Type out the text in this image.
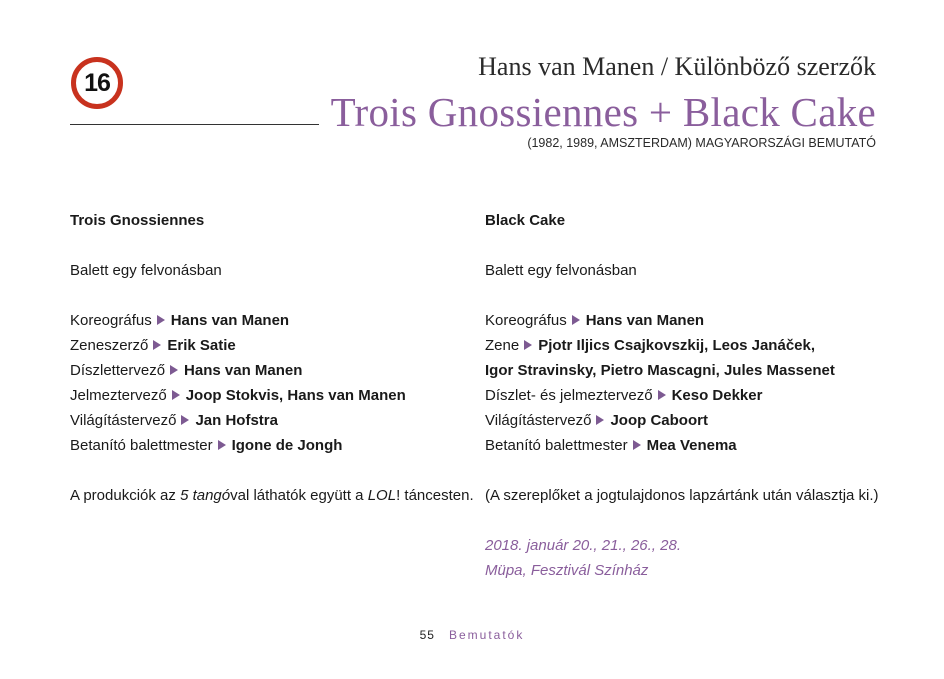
16
Hans van Manen / Különböző szerzők
Trois Gnossiennes + Black Cake
(1982, 1989, AMSZTERDAM) MAGYARORSZÁGI BEMUTATÓ
Trois Gnossiennes
Balett egy felvonásban
Koreográfus Hans van Manen
Zeneszerző Erik Satie
Díszlettervező Hans van Manen
Jelmeztervező Joop Stokvis, Hans van Manen
Világítástervező Jan Hofstra
Betanító balettmester Igone de Jongh
A produkciók az 5 tangóval láthatók együtt a LOL! táncesten.
Black Cake
Balett egy felvonásban
Koreográfus Hans van Manen
Zene Pjotr Iljics Csajkovszkij, Leos Janáček,
Igor Stravinsky, Pietro Mascagni, Jules Massenet
Díszlet- és jelmeztervező Keso Dekker
Világítástervező Joop Caboort
Betanító balettmester Mea Venema
(A szereplőket a jogtulajdonos lapzártánk után választja ki.)
2018. január 20., 21., 26., 28.
Müpa, Fesztivál Színház
55 Bemutatók
